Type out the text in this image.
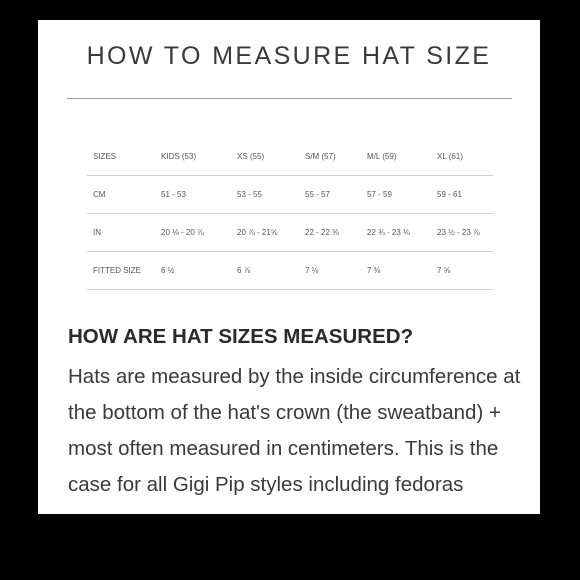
HOW TO MEASURE HAT SIZE
SIZES	KIDS (53)	XS (55)	S/M (57)	M/L (59)	XL (61)
CM	51 - 53	53 - 55	55 - 57	57 - 59	59 - 61
IN	20 ⅛ - 20 ⅞	20 ⅞ - 21⅝	22 - 22 ⅜	22 ¾ - 23 ⅛	23 ½ - 23 ⅞
FITTED SIZE	6 ½	6 ⅞	7 ⅛	7 ⅜	7 ⅝
HOW ARE HAT SIZES MEASURED?
Hats are measured by the inside circumference at the bottom of the hat's crown (the sweatband) + most often measured in centimeters. This is the case for all Gigi Pip styles including fedoras
